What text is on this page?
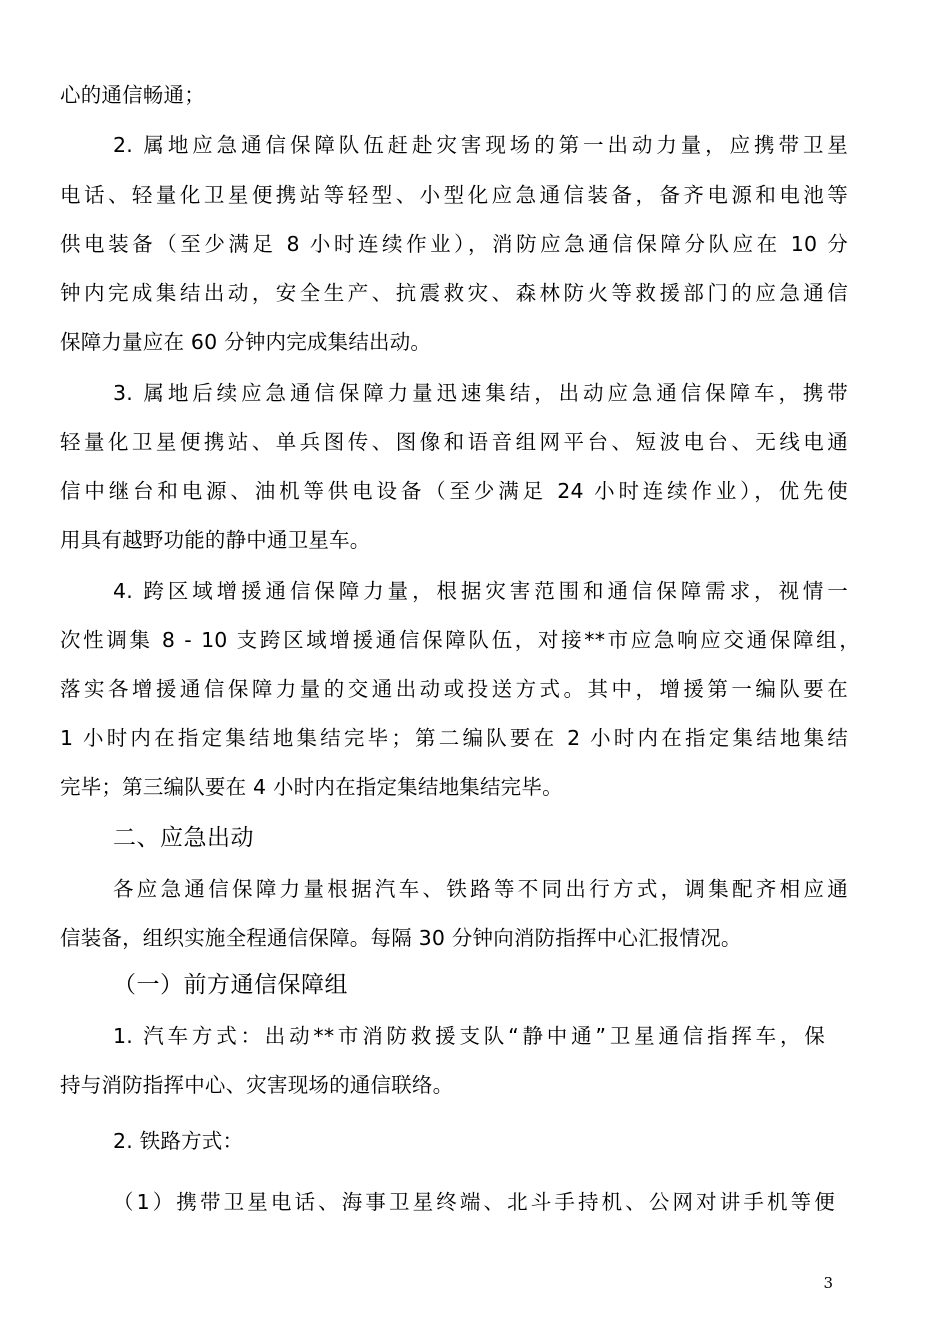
心的通信畅通；
2. 属地应急通信保障队伍赶赴灾害现场的第一出动力量，应携带卫星
电话、轻量化卫星便携站等轻型、小型化应急通信装备，备齐电源和电池等
供电装备（至少满足 8 小时连续作业），消防应急通信保障分队应在 10 分
钟内完成集结出动，安全生产、抗震救灾、森林防火等救援部门的应急通信
保障力量应在 60 分钟内完成集结出动。
3. 属地后续应急通信保障力量迅速集结，出动应急通信保障车，携带
轻量化卫星便携站、单兵图传、图像和语音组网平台、短波电台、无线电通
信中继台和电源、油机等供电设备（至少满足 24 小时连续作业），优先使
用具有越野功能的静中通卫星车。
4. 跨区域增援通信保障力量，根据灾害范围和通信保障需求，视情一
次性调集 8 - 10 支跨区域增援通信保障队伍，对接**市应急响应交通保障组，
落实各增援通信保障力量的交通出动或投送方式。其中，增援第一编队要在
1 小时内在指定集结地集结完毕；第二编队要在 2 小时内在指定集结地集结
完毕；第三编队要在 4 小时内在指定集结地集结完毕。
二、应急出动
各应急通信保障力量根据汽车、铁路等不同出行方式，调集配齐相应通
信装备，组织实施全程通信保障。每隔 30 分钟向消防指挥中心汇报情况。
（一）前方通信保障组
1. 汽车方式：出动**市消防救援支队“静中通”卫星通信指挥车，保
持与消防指挥中心、灾害现场的通信联络。
2. 铁路方式：
（1）携带卫星电话、海事卫星终端、北斗手持机、公网对讲手机等便
3
